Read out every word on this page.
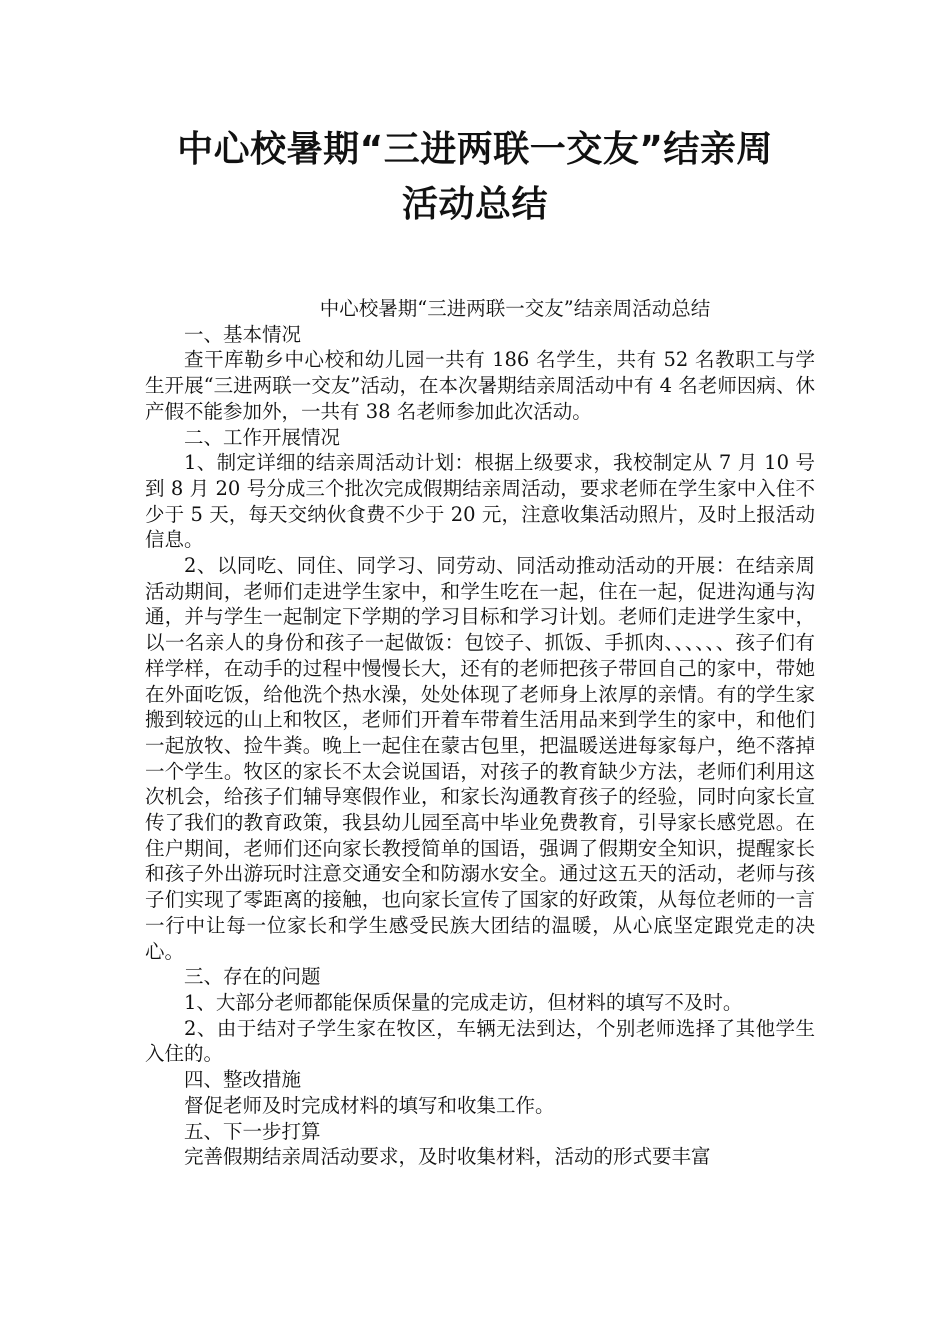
中心校暑期“三进两联一交友”结亲周
活动总结

中心校暑期“三进两联一交友”结亲周活动总结

一、基本情况

查干库勒乡中心校和幼儿园一共有 186 名学生，共有 52 名教职工与学生开展“三进两联一交友”活动，在本次暑期结亲周活动中有 4 名老师因病、休产假不能参加外，一共有 38 名老师参加此次活动。

二、工作开展情况

1、制定详细的结亲周活动计划：根据上级要求，我校制定从 7 月 10 号到 8 月 20 号分成三个批次完成假期结亲周活动，要求老师在学生家中入住不少于 5 天，每天交纳伙食费不少于 20 元，注意收集活动照片，及时上报活动信息。

2、以同吃、同住、同学习、同劳动、同活动推动活动的开展：在结亲周活动期间，老师们走进学生家中，和学生吃在一起，住在一起，促进沟通与沟通，并与学生一起制定下学期的学习目标和学习计划。老师们走进学生家中，以一名亲人的身份和孩子一起做饭：包饺子、抓饭、手抓肉、、、、、、孩子们有样学样，在动手的过程中慢慢长大，还有的老师把孩子带回自己的家中，带她在外面吃饭，给他洗个热水澡，处处体现了老师身上浓厚的亲情。有的学生家搬到较远的山上和牧区，老师们开着车带着生活用品来到学生的家中，和他们一起放牧、捡牛粪。晚上一起住在蒙古包里，把温暖送进每家每户，绝不落掉一个学生。牧区的家长不太会说国语，对孩子的教育缺少方法，老师们利用这次机会，给孩子们辅导寒假作业，和家长沟通教育孩子的经验，同时向家长宣传了我们的教育政策，我县幼儿园至高中毕业免费教育，引导家长感党恩。在住户期间，老师们还向家长教授简单的国语，强调了假期安全知识，提醒家长和孩子外出游玩时注意交通安全和防溺水安全。通过这五天的活动，老师与孩子们实现了零距离的接触，也向家长宣传了国家的好政策，从每位老师的一言一行中让每一位家长和学生感受民族大团结的温暖，从心底坚定跟党走的决心。

三、存在的问题

1、大部分老师都能保质保量的完成走访，但材料的填写不及时。

2、由于结对子学生家在牧区，车辆无法到达，个别老师选择了其他学生入住的。

四、整改措施

督促老师及时完成材料的填写和收集工作。

五、下一步打算

完善假期结亲周活动要求，及时收集材料，活动的形式要丰富
